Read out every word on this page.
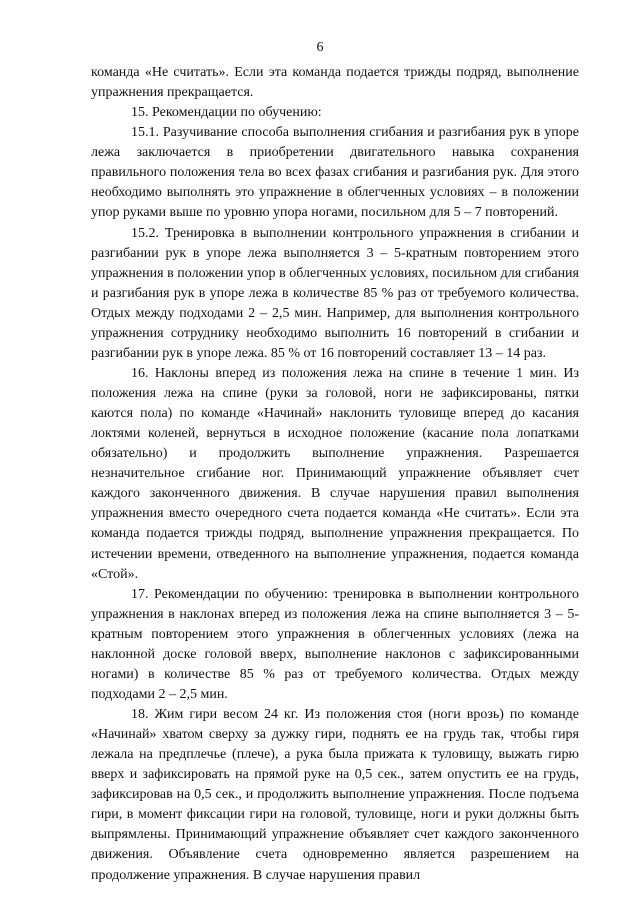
6

команда «Не считать». Если эта команда подается трижды подряд, выполнение упражнения прекращается.

15. Рекомендации по обучению:

15.1. Разучивание способа выполнения сгибания и разгибания рук в упоре лежа заключается в приобретении двигательного навыка сохранения правильного положения тела во всех фазах сгибания и разгибания рук. Для этого необходимо выполнять это упражнение в облегченных условиях – в положении упор руками выше по уровню упора ногами, посильном для 5 – 7 повторений.

15.2. Тренировка в выполнении контрольного упражнения в сгибании и разгибании рук в упоре лежа выполняется 3 – 5-кратным повторением этого упражнения в положении упор в облегченных условиях, посильном для сгибания и разгибания рук в упоре лежа в количестве 85 % раз от требуемого количества. Отдых между подходами 2 – 2,5 мин. Например, для выполнения контрольного упражнения сотруднику необходимо выполнить 16 повторений в сгибании и разгибании рук в упоре лежа. 85 % от 16 повторений составляет 13 – 14 раз.

16. Наклоны вперед из положения лежа на спине в течение 1 мин. Из положения лежа на спине (руки за головой, ноги не зафиксированы, пятки каются пола) по команде «Начинай» наклонить туловище вперед до касания локтями коленей, вернуться в исходное положение (касание пола лопатками обязательно) и продолжить выполнение упражнения. Разрешается незначительное сгибание ног. Принимающий упражнение объявляет счет каждого законченного движения. В случае нарушения правил выполнения упражнения вместо очередного счета подается команда «Не считать». Если эта команда подается трижды подряд, выполнение упражнения прекращается. По истечении времени, отведенного на выполнение упражнения, подается команда «Стой».

17. Рекомендации по обучению: тренировка в выполнении контрольного упражнения в наклонах вперед из положения лежа на спине выполняется 3 – 5-кратным повторением этого упражнения в облегченных условиях (лежа на наклонной доске головой вверх, выполнение наклонов с зафиксированными ногами) в количестве 85 % раз от требуемого количества. Отдых между подходами 2 – 2,5 мин.

18. Жим гири весом 24 кг. Из положения стоя (ноги врозь) по команде «Начинай» хватом сверху за дужку гири, поднять ее на грудь так, чтобы гиря лежала на предплечье (плече), а рука была прижата к туловищу, выжать гирю вверх и зафиксировать на прямой руке на 0,5 сек., затем опустить ее на грудь, зафиксировав на 0,5 сек., и продолжить выполнение упражнения. После подъема гири, в момент фиксации гири на головой, туловище, ноги и руки должны быть выпрямлены. Принимающий упражнение объявляет счет каждого законченного движения. Объявление счета одновременно является разрешением на продолжение упражнения. В случае нарушения правил
